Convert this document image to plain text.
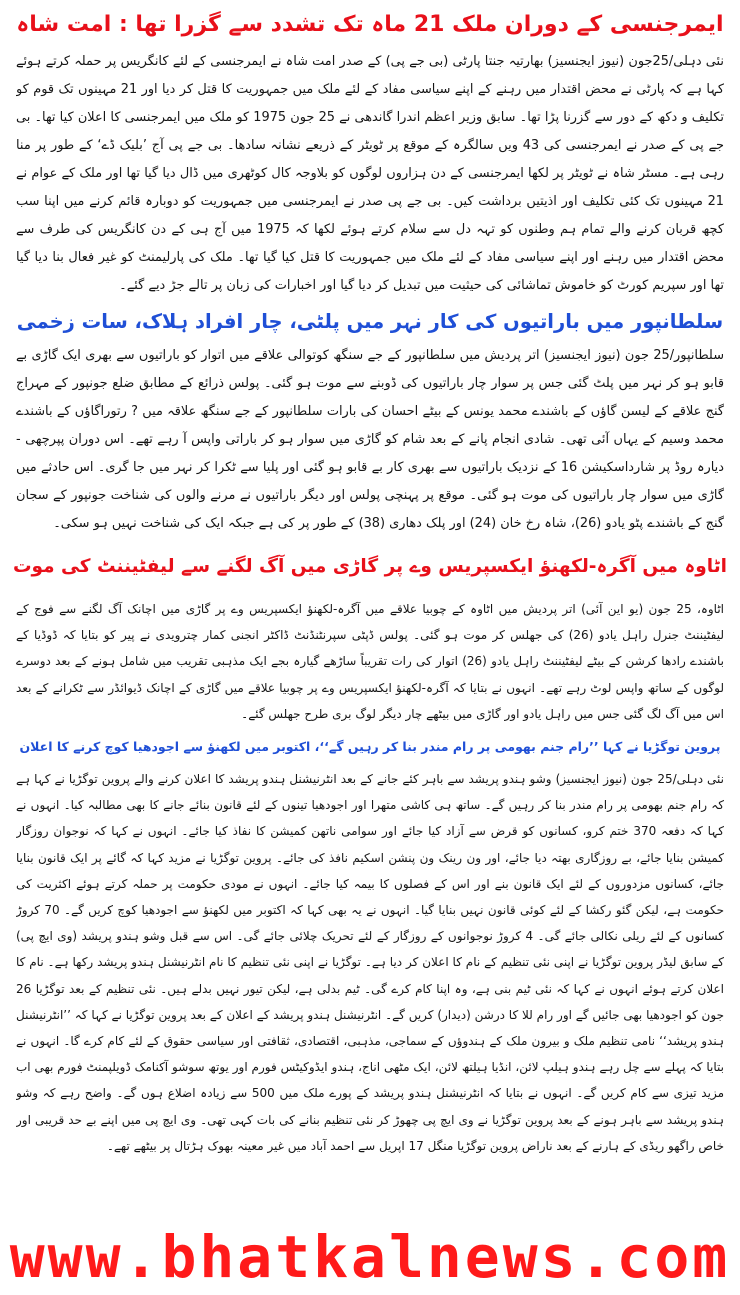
ایمرجنسی کے دوران ملک 21 ماہ تک تشدد سے گزرا تھا : امت شاہ

نئی دہلی/25جون (نیوز ایجنسیز) بھارتیہ جنتا پارٹی (بی جے پی) کے صدر امت شاہ نے ایمرجنسی کے لئے کانگریس پر حملہ کرتے ہوئے کہا ہے کہ پارٹی نے محض اقتدار میں رہنے کے اپنے سیاسی مفاد کے لئے ملک میں جمہوریت کا قتل کر دیا اور 21 مہینوں تک قوم کو تکلیف و دکھ کے دور سے گزرنا پڑا تھا۔ سابق وزیر اعظم اندرا گاندھی نے 25 جون 1975 کو ملک میں ایمرجنسی کا اعلان کیا تھا۔ بی جے پی کے صدر نے ایمرجنسی کی 43 ویں سالگرہ کے موقع پر ٹویٹر کے ذریعے نشانہ سادھا۔ بی جے پی آج ’بلیک ڈے‘ کے طور پر منا رہی ہے۔ مسٹر شاہ نے ٹویٹر پر لکھا ایمرجنسی کے دن ہزاروں لوگوں کو بلاوجہ کال کوٹھری میں ڈال دیا گیا تھا اور ملک کے عوام نے 21 مہینوں تک کئی تکلیف اور اذیتیں برداشت کیں۔ بی جے پی صدر نے ایمرجنسی میں جمہوریت کو دوبارہ قائم کرنے میں اپنا سب کچھ قربان کرنے والے تمام ہم وطنوں کو تہہ دل سے سلام کرتے ہوئے لکھا کہ 1975 میں آج ہی کے دن کانگریس کی طرف سے محض اقتدار میں رہنے اور اپنے سیاسی مفاد کے لئے ملک میں جمہوریت کا قتل کیا گیا تھا۔ ملک کی پارلیمنٹ کو غیر فعال بنا دیا گیا تھا اور سپریم کورٹ کو خاموش تماشائی کی حیثیت میں تبدیل کر دیا گیا اور اخبارات کی زبان پر تالے جڑ دیے گئے۔

سلطانپور میں باراتیوں کی کار نہر میں پلٹی، چار افراد ہلاک، سات زخمی

سلطانپور/25 جون (نیوز ایجنسیز) اتر پردیش میں سلطانپور کے جے سنگھ کوتوالی علاقے میں اتوار کو باراتیوں سے بھری ایک گاڑی بے قابو ہو کر نہر میں پلٹ گئی جس پر سوار چار باراتیوں کی ڈوبنے سے موت ہو گئی۔ پولس ذرائع کے مطابق ضلع جونپور کے مہراج گنج علاقے کے لیسن گاؤں کے باشندے محمد یونس کے بیٹے احسان کی بارات سلطانپور کے جے سنگھ علاقہ میں ? رتوراگاؤں کے باشندے محمد وسیم کے یہاں آئی تھی۔ شادی انجام پانے کے بعد شام کو گاڑی میں سوار ہو کر باراتی واپس آ رہے تھے۔ اس دوران پپرچھی - دیارہ روڈ پر شارداسکیشن 16 کے نزدیک باراتیوں سے بھری کار بے قابو ہو گئی اور پلیا سے ٹکرا کر نہر میں جا گری۔ اس حادثے میں گاڑی میں سوار چار باراتیوں کی موت ہو گئی۔ موقع پر پہنچی پولس اور دیگر باراتیوں نے مرنے والوں کی شناخت جونپور کے سجان گنج کے باشندے پٹو یادو (26)، شاہ رخ خان (24) اور پلک دھاری (38) کے طور پر کی ہے جبکہ ایک کی شناخت نہیں ہو سکی۔

اٹاوہ میں آگرہ-لکھنؤ ایکسپریس وے پر گاڑی میں آگ لگنے سے لیفٹیننٹ کی موت

اٹاوہ، 25 جون (یو این آئی) اتر پردیش میں اٹاوہ کے چوبیا علاقے میں آگرہ-لکھنؤ ایکسپریس وے پر گاڑی میں اچانک آگ لگنے سے فوج کے لیفٹیننٹ جنرل راہل یادو (26) کی جھلس کر موت ہو گئی۔ پولس ڈپٹی سپرنٹنڈنٹ ڈاکٹر انجنی کمار چترویدی نے پیر کو بتایا کہ ڈوڈیا کے باشندے رادھا کرشن کے بیٹے لیفٹیننٹ راہل یادو (26) اتوار کی رات تقریباً ساڑھے گیارہ بجے ایک مذہبی تقریب میں شامل ہونے کے بعد دوسرے لوگوں کے ساتھ واپس لوٹ رہے تھے۔ انہوں نے بتایا کہ آگرہ-لکھنؤ ایکسپریس وے پر چوبیا علاقے میں گاڑی کے اچانک ڈیوائڈر سے ٹکرانے کے بعد اس میں آگ لگ گئی جس میں راہل یادو اور گاڑی میں بیٹھے چار دیگر لوگ بری طرح جھلس گئے۔

پروین توگڑیا نے کہا ’’رام جنم بھومی پر رام مندر بنا کر رہیں گے‘‘، اکتوبر میں لکھنؤ سے اجودھیا کوچ کرنے کا اعلان

نئی دہلی/25 جون (نیوز ایجنسیز) وشو ہندو پریشد سے باہر کئے جانے کے بعد انٹرنیشنل ہندو پریشد کا اعلان کرنے والے پروین توگڑیا نے کہا ہے کہ رام جنم بھومی پر رام مندر بنا کر رہیں گے۔ ساتھ ہی کاشی متھرا اور اجودھیا تینوں کے لئے قانون بنائے جانے کا بھی مطالبہ کیا۔ انہوں نے کہا کہ دفعہ 370 ختم کرو، کسانوں کو قرض سے آزاد کیا جائے اور سوامی ناتھن کمیشن کا نفاذ کیا جائے۔ انہوں نے کہا کہ نوجوان روزگار کمیشن بنایا جائے، بے روزگاری بھتہ دیا جائے، اور ون رینک ون پنشن اسکیم نافذ کی جائے۔ پروین توگڑیا نے مزید کہا کہ گائے پر ایک قانون بنایا جائے، کسانوں مزدوروں کے لئے ایک قانون بنے اور اس کے فصلوں کا بیمہ کیا جائے۔ انہوں نے مودی حکومت پر حملہ کرتے ہوئے اکثریت کی حکومت ہے، لیکن گئو رکشا کے لئے کوئی قانون نہیں بنایا گیا۔ انہوں نے یہ بھی کہا کہ اکتوبر میں لکھنؤ سے اجودھیا کوچ کریں گے۔ 70 کروڑ کسانوں کے لئے ریلی نکالی جائے گی۔ 4 کروڑ نوجوانوں کے روزگار کے لئے تحریک چلائی جائے گی۔ اس سے قبل وشو ہندو پریشد (وی ایچ پی) کے سابق لیڈر پروین توگڑیا نے اپنی نئی تنظیم کے نام کا اعلان کر دیا ہے۔ توگڑیا نے اپنی نئی تنظیم کا نام انٹرنیشنل ہندو پریشد رکھا ہے۔ نام کا اعلان کرتے ہوئے انہوں نے کہا کہ نئی ٹیم بنی ہے، وہ اپنا کام کرے گی۔ ٹیم بدلی ہے، لیکن تیور نہیں بدلے ہیں۔ نئی تنظیم کے بعد توگڑیا 26 جون کو اجودھیا بھی جائیں گے اور رام للا کا درشن (دیدار) کریں گے۔ انٹرنیشنل ہندو پریشد کے اعلان کے بعد پروین توگڑیا نے کہا کہ ’’انٹرنیشنل ہندو پریشد‘‘ نامی تنظیم ملک و بیرون ملک کے ہندوؤں کے سماجی، مذہبی، اقتصادی، ثقافتی اور سیاسی حقوق کے لئے کام کرے گا۔ انہوں نے بتایا کہ پہلے سے چل رہے ہندو ہیلپ لائن، انڈیا ہیلتھ لائن، ایک مٹھی اناج، ہندو ایڈوکیٹس فورم اور یوتھ سوشو آکنامک ڈویلپمنٹ فورم بھی اب مزید تیزی سے کام کریں گے۔ انہوں نے بتایا کہ انٹرنیشنل ہندو پریشد کے پورے ملک میں 500 سے زیادہ اضلاع ہوں گے۔ واضح رہے کہ وشو ہندو پریشد سے باہر ہونے کے بعد پروین توگڑیا نے وی ایچ پی چھوڑ کر نئی تنظیم بنانے کی بات کہی تھی۔ وی ایچ پی میں اپنے بے حد قریبی اور خاص راگھو ریڈی کے ہارنے کے بعد ناراض پروین توگڑیا منگل 17 اپریل سے احمد آباد میں غیر معینہ بھوک ہڑتال پر بیٹھے تھے۔

www.bhatkalnews.com
